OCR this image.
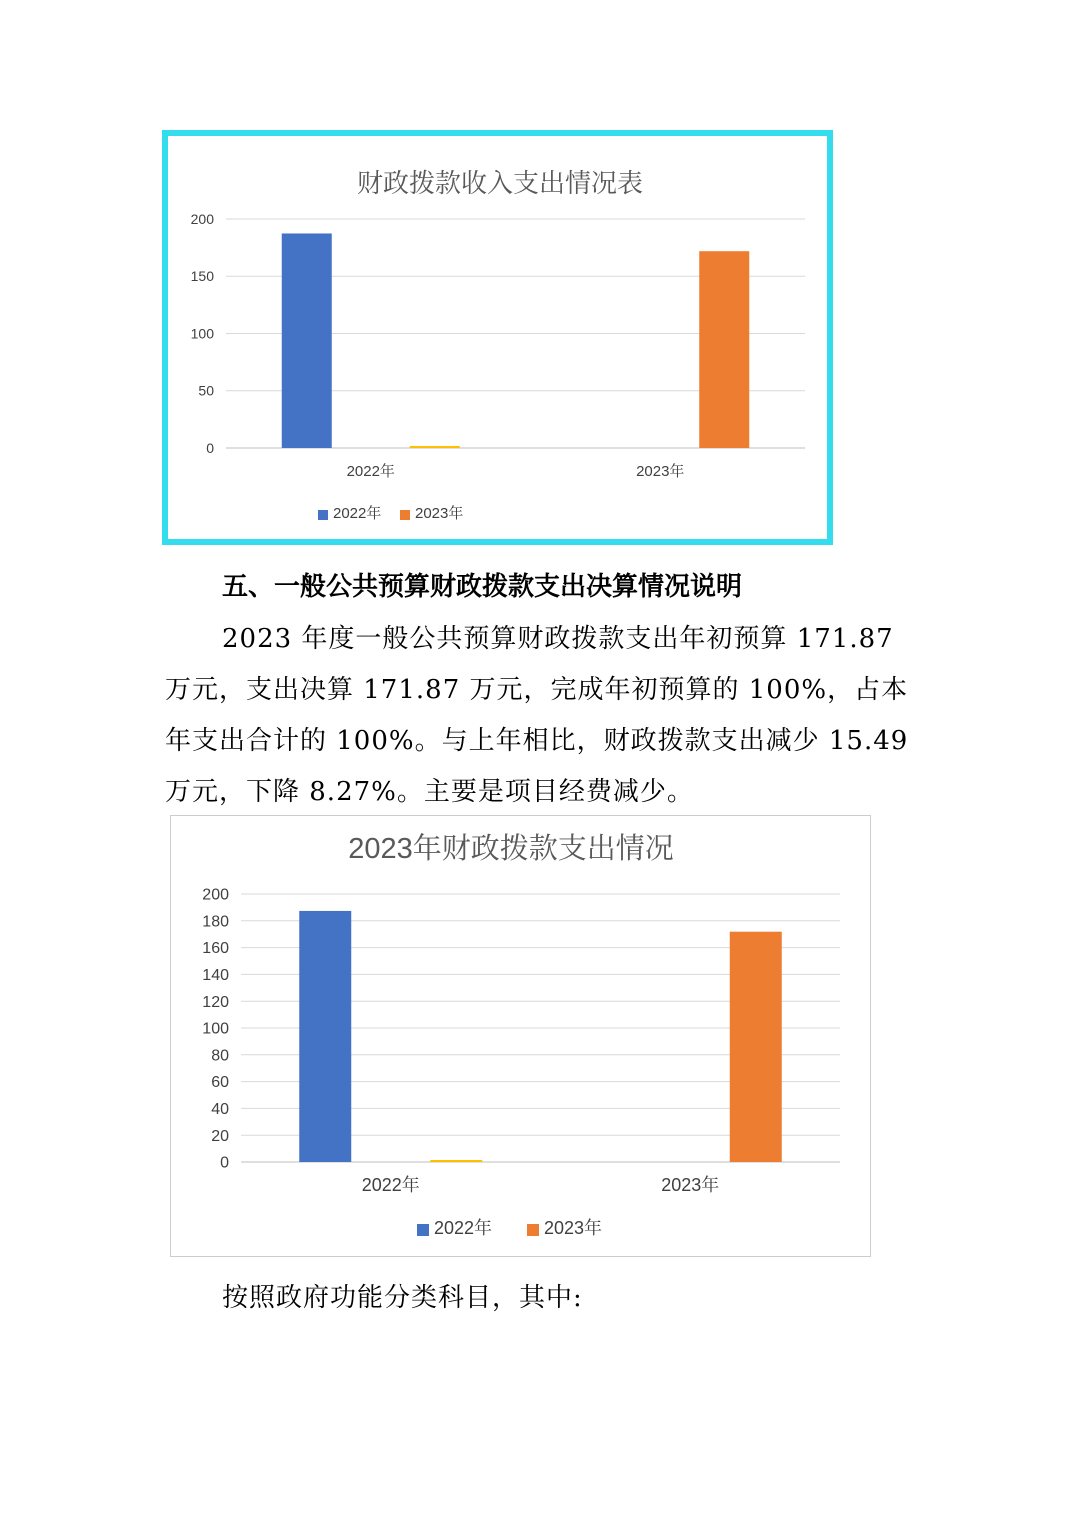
财政拨款收入支出情况表
200
150
100
50
0
2022年	2023年
2022年 2023年
五、一般公共预算财政拨款支出决算情况说明
2023 年度一般公共预算财政拨款支出年初预算 171.87
万元，支出决算 171.87 万元，完成年初预算的 100%，占本
年支出合计的 100%。与上年相比，财政拨款支出减少 15.49
万元，下降 8.27%。主要是项目经费减少。
2023年财政拨款支出情况
200
180
160
140
120
100
80
60
40
20
0
2022年	2023年
2022年	2023年
按照政府功能分类科目，其中:
